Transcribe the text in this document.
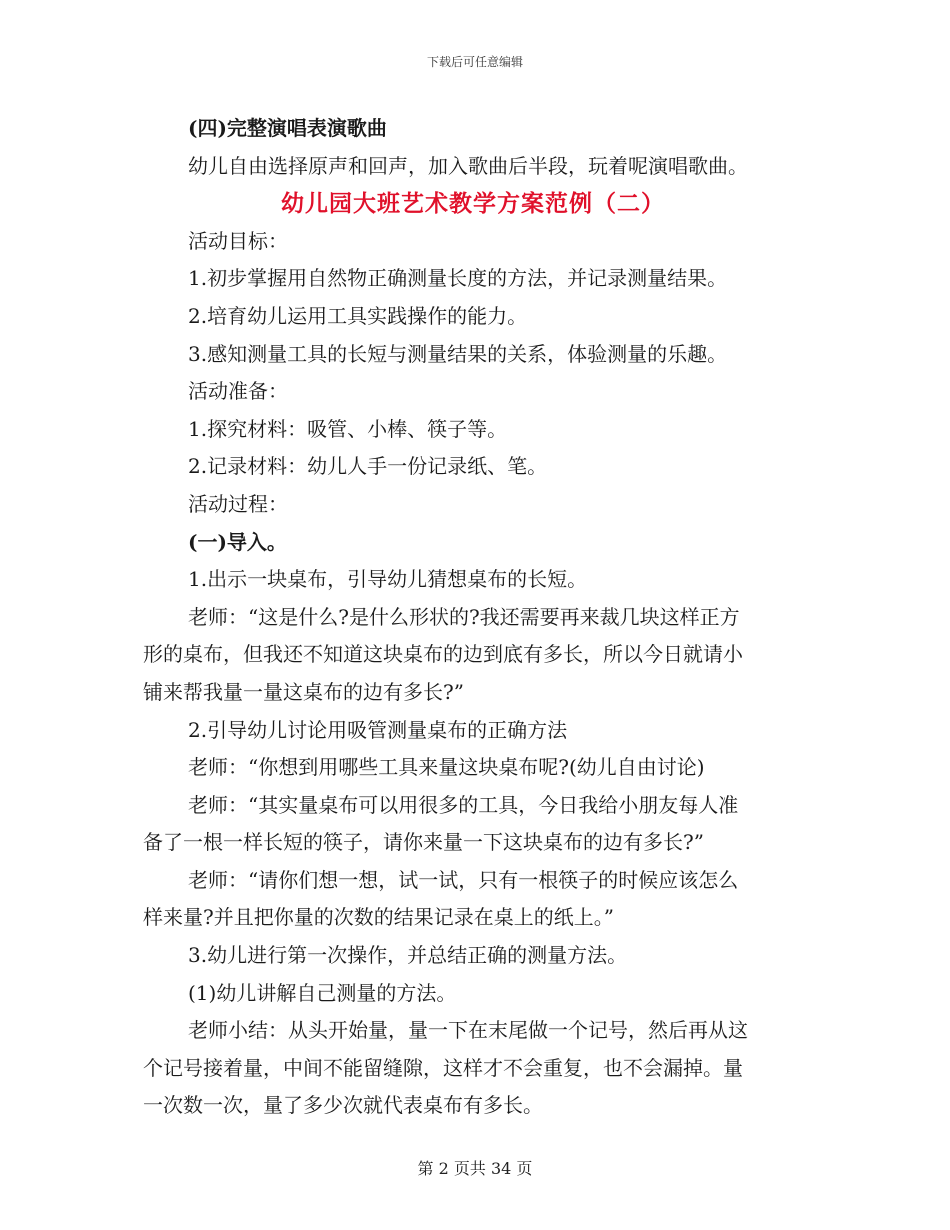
下载后可任意编辑
(四)完整演唱表演歌曲
幼儿自由选择原声和回声，加入歌曲后半段，玩着呢演唱歌曲。
幼儿园大班艺术教学方案范例（二）
活动目标：
1.初步掌握用自然物正确测量长度的方法，并记录测量结果。
2.培育幼儿运用工具实践操作的能力。
3.感知测量工具的长短与测量结果的关系，体验测量的乐趣。
活动准备：
1.探究材料：吸管、小棒、筷子等。
2.记录材料：幼儿人手一份记录纸、笔。
活动过程：
(一)导入。
1.出示一块桌布，引导幼儿猜想桌布的长短。
老师：“这是什么?是什么形状的?我还需要再来裁几块这样正方
形的桌布，但我还不知道这块桌布的边到底有多长，所以今日就请小
铺来帮我量一量这桌布的边有多长?”
2.引导幼儿讨论用吸管测量桌布的正确方法
老师：“你想到用哪些工具来量这块桌布呢?(幼儿自由讨论)
老师：“其实量桌布可以用很多的工具，今日我给小朋友每人准
备了一根一样长短的筷子，请你来量一下这块桌布的边有多长?”
老师：“请你们想一想，试一试，只有一根筷子的时候应该怎么
样来量?并且把你量的次数的结果记录在桌上的纸上。”
3.幼儿进行第一次操作，并总结正确的测量方法。
(1)幼儿讲解自己测量的方法。
老师小结：从头开始量，量一下在末尾做一个记号，然后再从这
个记号接着量，中间不能留缝隙，这样才不会重复，也不会漏掉。量
一次数一次，量了多少次就代表桌布有多长。
第 2 页共 34 页
